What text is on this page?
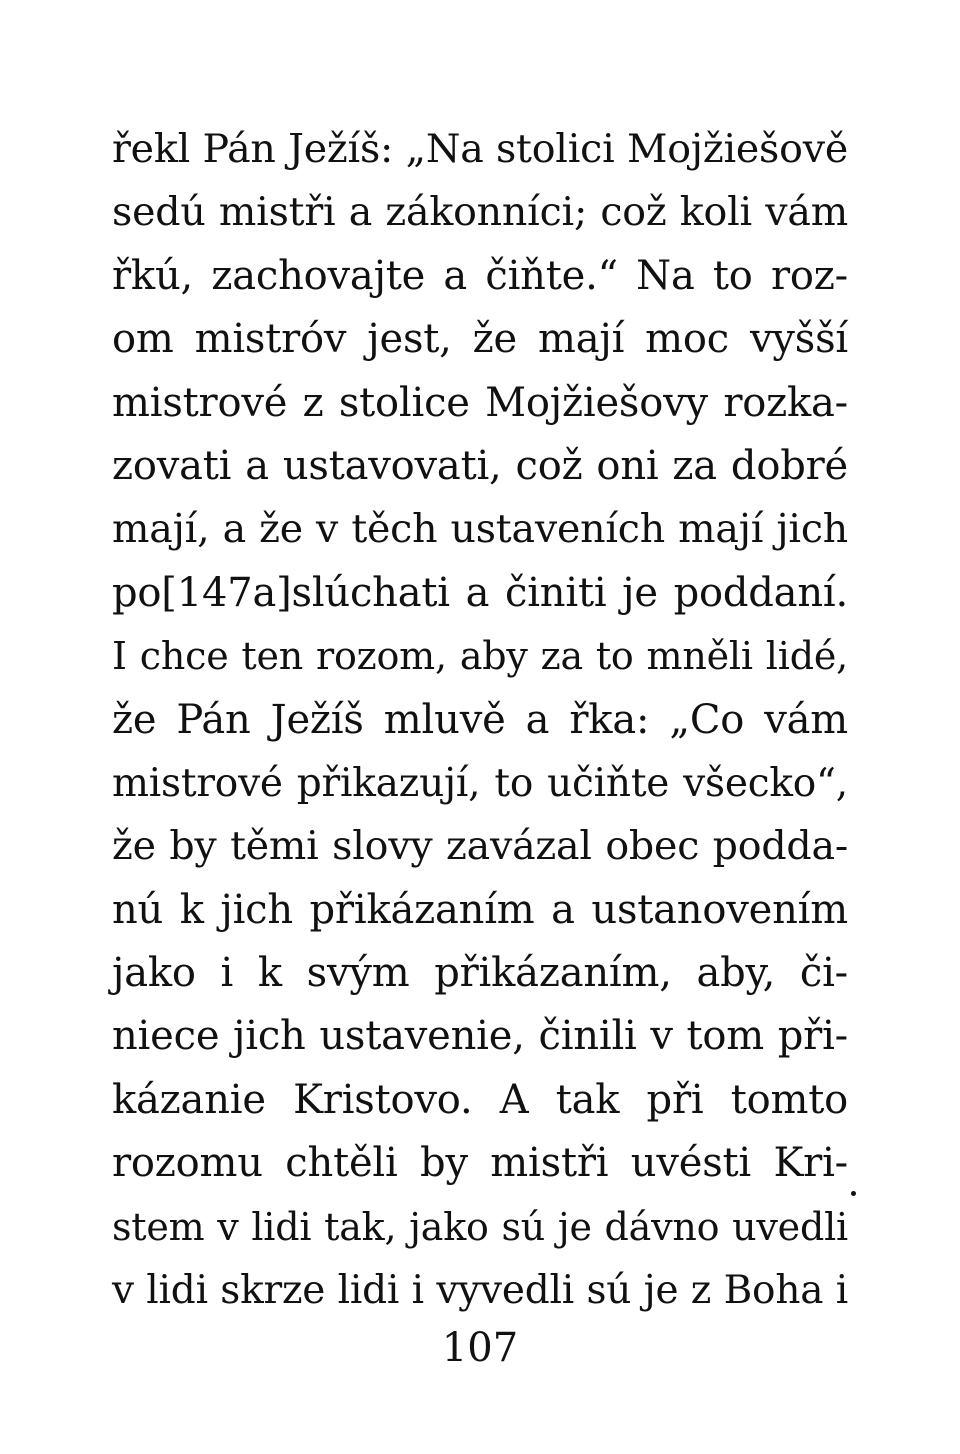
řekl Pán Ježíš: „Na stolici Mojžiešově
sedú mistři a zákonníci; což koli vám
řkú, zachovajte a čiňte.“ Na to roz-
om mistróv jest, že mají moc vyšší
mistrové z stolice Mojžiešovy rozka-
zovati a ustavovati, což oni za dobré
mají, a že v těch ustaveních mají jich
po[147a]slúchati a činiti je poddaní.
I chce ten rozom, aby za to mněli lidé,
že Pán Ježíš mluvě a řka: „Co vám
mistrové přikazují, to učiňte všecko“,
že by těmi slovy zavázal obec podda-
nú k jich přikázaním a ustanovením
jako i k svým přikázaním, aby, či-
niece jich ustavenie, činili v tom při-
kázanie Kristovo. A tak při tomto
rozomu chtěli by mistři uvésti Kri-
stem v lidi tak, jako sú je dávno uvedli
v lidi skrze lidi i vyvedli sú je z Boha i
107
